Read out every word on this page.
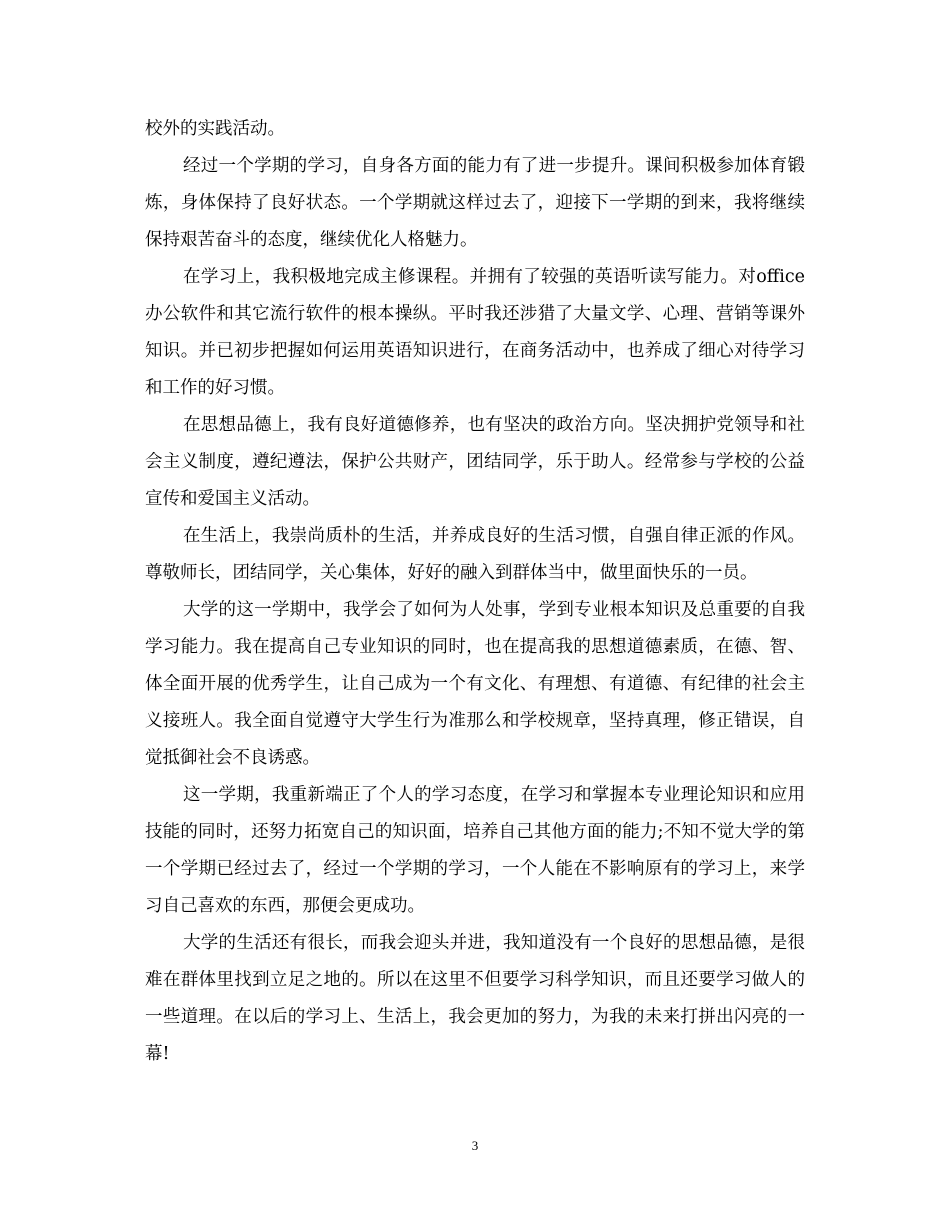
校外的实践活动。

经过一个学期的学习，自身各方面的能力有了进一步提升。课间积极参加体育锻炼，身体保持了良好状态。一个学期就这样过去了，迎接下一学期的到来，我将继续保持艰苦奋斗的态度，继续优化人格魅力。

在学习上，我积极地完成主修课程。并拥有了较强的英语听读写能力。对office办公软件和其它流行软件的根本操纵。平时我还涉猎了大量文学、心理、营销等课外知识。并已初步把握如何运用英语知识进行，在商务活动中，也养成了细心对待学习和工作的好习惯。

在思想品德上，我有良好道德修养，也有坚决的政治方向。坚决拥护党领导和社会主义制度，遵纪遵法，保护公共财产，团结同学，乐于助人。经常参与学校的公益宣传和爱国主义活动。

在生活上，我崇尚质朴的生活，并养成良好的生活习惯，自强自律正派的作风。尊敬师长，团结同学，关心集体，好好的融入到群体当中，做里面快乐的一员。

大学的这一学期中，我学会了如何为人处事，学到专业根本知识及总重要的自我学习能力。我在提高自己专业知识的同时，也在提高我的思想道德素质，在德、智、体全面开展的优秀学生，让自己成为一个有文化、有理想、有道德、有纪律的社会主义接班人。我全面自觉遵守大学生行为准那么和学校规章，坚持真理，修正错误，自觉抵御社会不良诱惑。

这一学期，我重新端正了个人的学习态度，在学习和掌握本专业理论知识和应用技能的同时，还努力拓宽自己的知识面，培养自己其他方面的能力;不知不觉大学的第一个学期已经过去了，经过一个学期的学习，一个人能在不影响原有的学习上，来学习自己喜欢的东西，那便会更成功。

大学的生活还有很长，而我会迎头并进，我知道没有一个良好的思想品德，是很难在群体里找到立足之地的。所以在这里不但要学习科学知识，而且还要学习做人的一些道理。在以后的学习上、生活上，我会更加的努力，为我的未来打拼出闪亮的一幕!

3
